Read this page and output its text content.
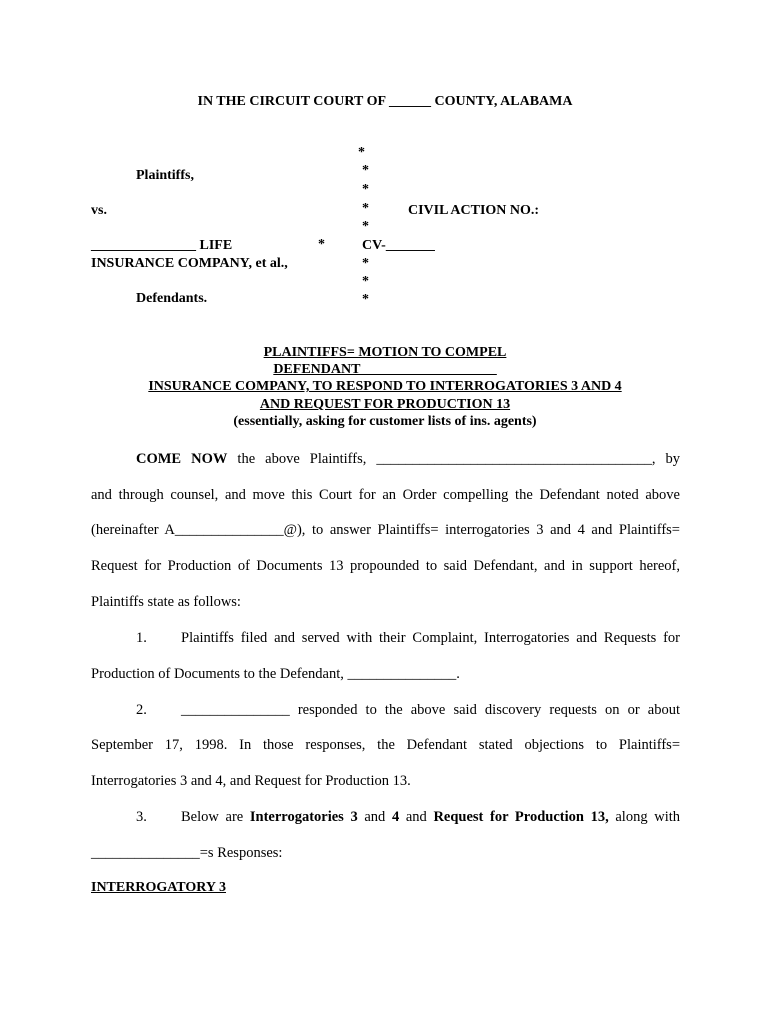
IN THE CIRCUIT COURT OF ______ COUNTY, ALABAMA
*
*
*
*
*
*
*
*
*
Plaintiffs,
vs.
_______________ LIFE
INSURANCE COMPANY, et al.,
Defendants.
CIVIL ACTION NO.:
CV-_______
PLAINTIFFS= MOTION TO COMPEL
DEFENDANT ___________________
INSURANCE COMPANY, TO RESPOND TO INTERROGATORIES 3 AND 4
AND REQUEST FOR PRODUCTION 13
(essentially, asking for customer lists of ins. agents)
COME NOW the above Plaintiffs, ______________________________________, by
and through counsel, and move this Court for an Order compelling the Defendant noted above
(hereinafter A_______________@), to answer Plaintiffs= interrogatories 3 and 4 and Plaintiffs=
Request for Production of Documents 13 propounded to said Defendant, and in support hereof,
Plaintiffs state as follows:
1. Plaintiffs filed and served with their Complaint, Interrogatories and Requests for
Production of Documents to the Defendant, _______________.
2. _______________ responded to the above said discovery requests on or about
September 17, 1998. In those responses, the Defendant stated objections to Plaintiffs=
Interrogatories 3 and 4, and Request for Production 13.
3. Below are Interrogatories 3 and 4 and Request for Production 13, along with
_______________=s Responses:
INTERROGATORY 3
